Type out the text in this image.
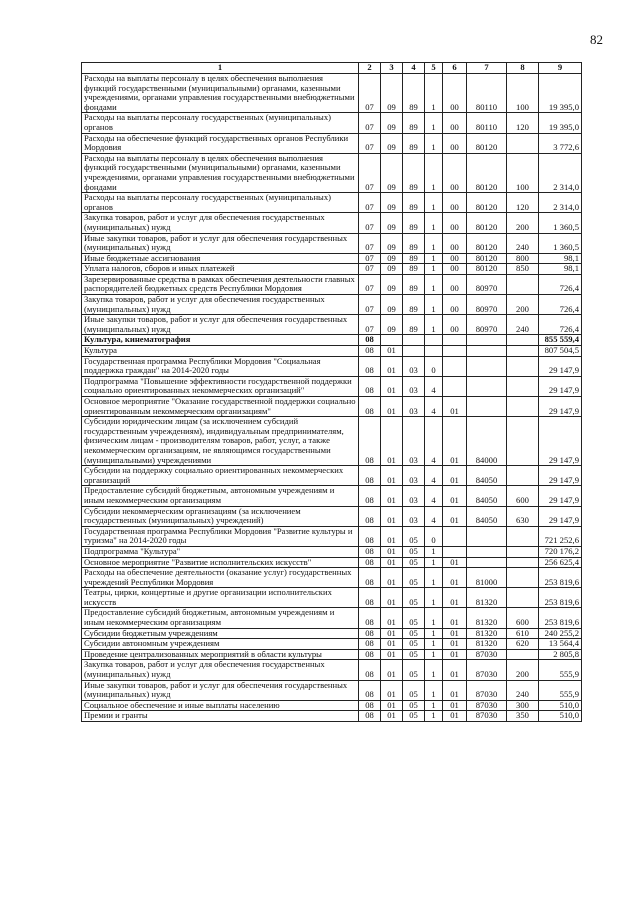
82
1	2	3	4	5	6	7	8	9
Расходы на выплаты персоналу в целях обеспечения выполнения функций государственными (муниципальными) органами, казенными учреждениями, органами управления государственными внебюджетными фондами	07	09	89	1	00	80110	100	19 395,0
Расходы на выплаты персоналу государственных (муниципальных) органов	07	09	89	1	00	80110	120	19 395,0
Расходы на обеспечение функций государственных органов Республики Мордовия	07	09	89	1	00	80120		3 772,6
Расходы на выплаты персоналу в целях обеспечения выполнения функций государственными (муниципальными) органами, казенными учреждениями, органами управления государственными внебюджетными фондами	07	09	89	1	00	80120	100	2 314,0
Расходы на выплаты персоналу государственных (муниципальных) органов	07	09	89	1	00	80120	120	2 314,0
Закупка товаров, работ и услуг для обеспечения государственных (муниципальных) нужд	07	09	89	1	00	80120	200	1 360,5
Иные закупки товаров, работ и услуг для обеспечения государственных (муниципальных) нужд	07	09	89	1	00	80120	240	1 360,5
Иные бюджетные ассигнования	07	09	89	1	00	80120	800	98,1
Уплата налогов, сборов и иных платежей	07	09	89	1	00	80120	850	98,1
Зарезервированные средства в рамках обеспечения деятельности главных распорядителей бюджетных средств Республики Мордовия	07	09	89	1	00	80970		726,4
Закупка товаров, работ и услуг для обеспечения государственных (муниципальных) нужд	07	09	89	1	00	80970	200	726,4
Иные закупки товаров, работ и услуг для обеспечения государственных (муниципальных) нужд	07	09	89	1	00	80970	240	726,4
Культура, кинематография	08							855 559,4
Культура	08	01						807 504,5
Государственная программа Республики Мордовия "Социальная поддержка граждан" на 2014-2020 годы	08	01	03	0				29 147,9
Подпрограмма "Повышение эффективности государственной поддержки социально ориентированных некоммерческих организаций"	08	01	03	4				29 147,9
Основное мероприятие "Оказание государственной поддержки социально ориентированным некоммерческим организациям"	08	01	03	4	01			29 147,9
Субсидии юридическим лицам (за исключением субсидий государственным учреждениям), индивидуальным предпринимателям, физическим лицам - производителям товаров, работ, услуг, а также некоммерческим организациям, не являющимся государственными (муниципальными) учреждениями	08	01	03	4	01	84000		29 147,9
Субсидии на поддержку социально ориентированных некоммерческих организаций	08	01	03	4	01	84050		29 147,9
Предоставление субсидий бюджетным, автономным учреждениям и иным некоммерческим организациям	08	01	03	4	01	84050	600	29 147,9
Субсидии некоммерческим организациям (за исключением государственных (муниципальных) учреждений)	08	01	03	4	01	84050	630	29 147,9
Государственная программа Республики Мордовия "Развитие культуры и туризма" на 2014-2020 годы	08	01	05	0				721 252,6
Подпрограмма "Культура"	08	01	05	1				720 176,2
Основное мероприятие "Развитие исполнительских искусств"	08	01	05	1	01			256 625,4
Расходы на обеспечение деятельности (оказание услуг) государственных учреждений Республики Мордовия	08	01	05	1	01	81000		253 819,6
Театры, цирки, концертные и другие организации исполнительских искусств	08	01	05	1	01	81320		253 819,6
Предоставление субсидий бюджетным, автономным учреждениям и иным некоммерческим организациям	08	01	05	1	01	81320	600	253 819,6
Субсидии бюджетным учреждениям	08	01	05	1	01	81320	610	240 255,2
Субсидии автономным учреждениям	08	01	05	1	01	81320	620	13 564,4
Проведение централизованных мероприятий в области культуры	08	01	05	1	01	87030		2 805,8
Закупка товаров, работ и услуг для обеспечения государственных (муниципальных) нужд	08	01	05	1	01	87030	200	555,9
Иные закупки товаров, работ и услуг для обеспечения государственных (муниципальных) нужд	08	01	05	1	01	87030	240	555,9
Социальное обеспечение и иные выплаты населению	08	01	05	1	01	87030	300	510,0
Премии и гранты	08	01	05	1	01	87030	350	510,0
